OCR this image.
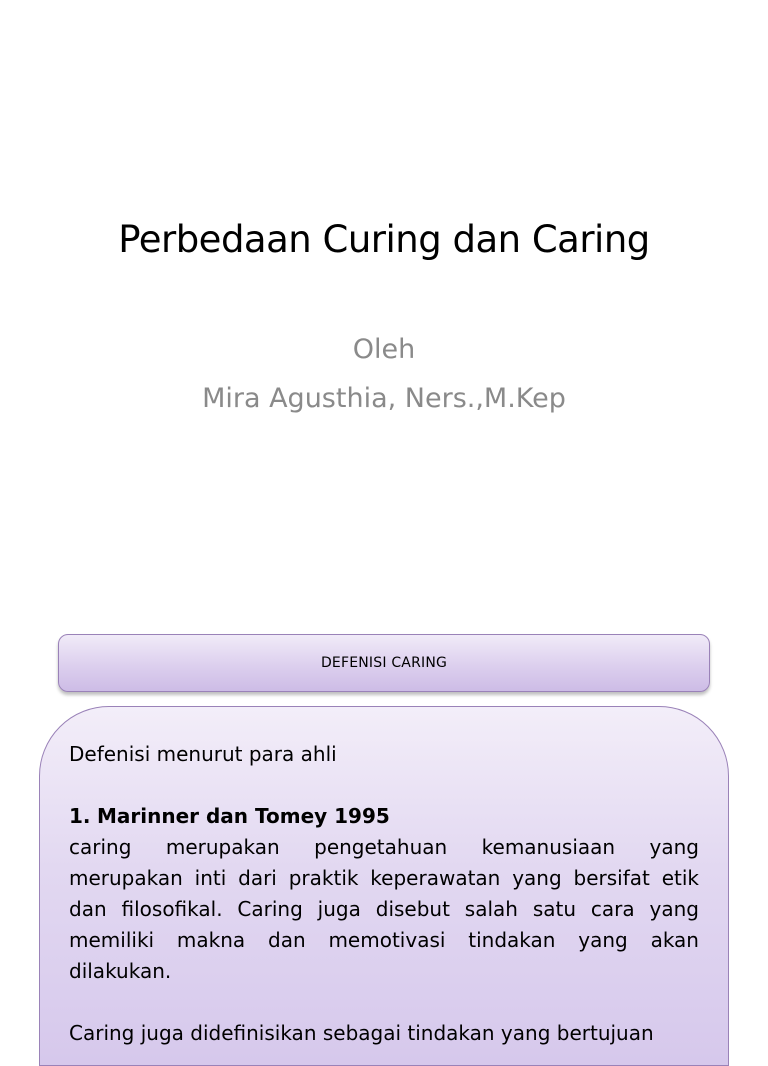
Perbedaan Curing dan Caring
Oleh
Mira Agusthia, Ners.,M.Kep
DEFENISI CARING

Defenisi menurut para ahli

1. Marinner dan Tomey 1995

caring merupakan pengetahuan kemanusiaan yang merupakan inti dari praktik keperawatan yang bersifat etik dan filosofikal. Caring juga disebut salah satu cara yang memiliki makna dan memotivasi tindakan yang akan dilakukan.

Caring juga didefinisikan sebagai tindakan yang bertujuan
